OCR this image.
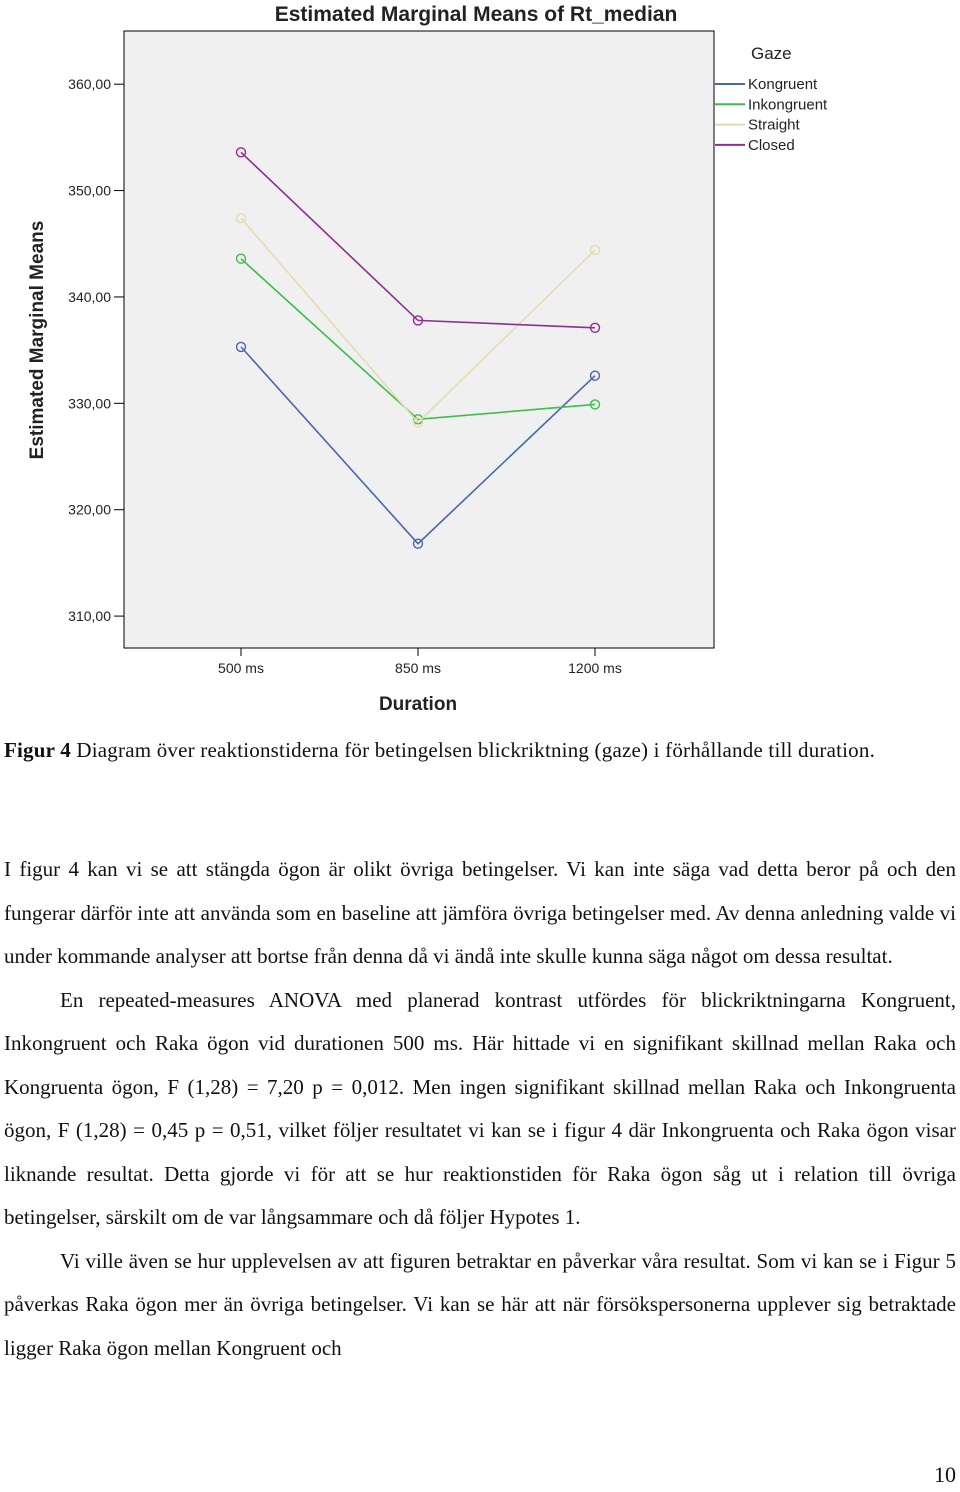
Estimated Marginal Means of Rt_median
310,00
320,00
330,00
340,00
350,00
360,00
500 ms	850 ms	1200 ms
Estimated Marginal Means
Duration
Gaze
Kongruent
Inkongruent
Straight
Closed
Figur 4 Diagram över reaktionstiderna för betingelsen blickriktning (gaze) i förhållande till duration.

I figur 4 kan vi se att stängda ögon är olikt övriga betingelser. Vi kan inte säga vad detta beror på och den fungerar därför inte att använda som en baseline att jämföra övriga betingelser med. Av denna anledning valde vi under kommande analyser att bortse från denna då vi ändå inte skulle kunna säga något om dessa resultat.

En repeated-measures ANOVA med planerad kontrast utfördes för blickriktningarna Kongruent, Inkongruent och Raka ögon vid durationen 500 ms. Här hittade vi en signifikant skillnad mellan Raka och Kongruenta ögon, F (1,28) = 7,20 p = 0,012. Men ingen signifikant skillnad mellan Raka och Inkongruenta ögon, F (1,28) = 0,45 p = 0,51, vilket följer resultatet vi kan se i figur 4 där Inkongruenta och Raka ögon visar liknande resultat. Detta gjorde vi för att se hur reaktionstiden för Raka ögon såg ut i relation till övriga betingelser, särskilt om de var långsammare och då följer Hypotes 1.

Vi ville även se hur upplevelsen av att figuren betraktar en påverkar våra resultat. Som vi kan se i Figur 5 påverkas Raka ögon mer än övriga betingelser. Vi kan se här att när försökspersonerna upplever sig betraktade ligger Raka ögon mellan Kongruent och

10
